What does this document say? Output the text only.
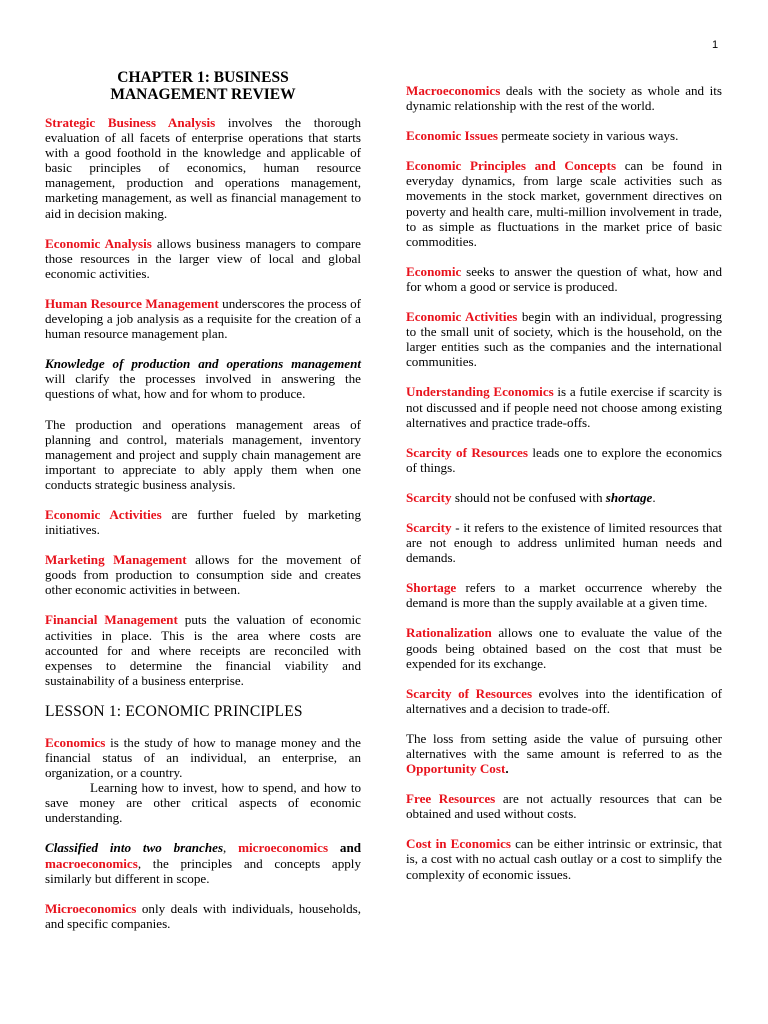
1
CHAPTER 1: BUSINESS
MANAGEMENT REVIEW

Strategic Business Analysis involves the thorough evaluation of all facets of enterprise operations that starts with a good foothold in the knowledge and applicable of basic principles of economics, human resource management, production and operations management, marketing management, as well as financial management to aid in decision making.

Economic Analysis allows business managers to compare those resources in the larger view of local and global economic activities.

Human Resource Management underscores the process of developing a job analysis as a requisite for the creation of a human resource management plan.

Knowledge of production and operations management will clarify the processes involved in answering the questions of what, how and for whom to produce.

The production and operations management areas of planning and control, materials management, inventory management and project and supply chain management are important to appreciate to ably apply them when one conducts strategic business analysis.

Economic Activities are further fueled by marketing initiatives.

Marketing Management allows for the movement of goods from production to consumption side and creates other economic activities in between.

Financial Management puts the valuation of economic activities in place. This is the area where costs are accounted for and where receipts are reconciled with expenses to determine the financial viability and sustainability of a business enterprise.

LESSON 1: ECONOMIC PRINCIPLES

Economics is the study of how to manage money and the financial status of an individual, an enterprise, an organization, or a country.

Learning how to invest, how to spend, and how to save money are other critical aspects of economic understanding.

Classified into two branches, microeconomics and macroeconomics, the principles and concepts apply similarly but different in scope.

Microeconomics only deals with individuals, households, and specific companies.

Macroeconomics deals with the society as whole and its dynamic relationship with the rest of the world.

Economic Issues permeate society in various ways.

Economic Principles and Concepts can be found in everyday dynamics, from large scale activities such as movements in the stock market, government directives on poverty and health care, multi-million involvement in trade, to as simple as fluctuations in the market price of basic commodities.

Economic seeks to answer the question of what, how and for whom a good or service is produced.

Economic Activities begin with an individual, progressing to the small unit of society, which is the household, on the larger entities such as the companies and the international communities.

Understanding Economics is a futile exercise if scarcity is not discussed and if people need not choose among existing alternatives and practice trade-offs.

Scarcity of Resources leads one to explore the economics of things.

Scarcity should not be confused with shortage.

Scarcity - it refers to the existence of limited resources that are not enough to address unlimited human needs and demands.

Shortage refers to a market occurrence whereby the demand is more than the supply available at a given time.

Rationalization allows one to evaluate the value of the goods being obtained based on the cost that must be expended for its exchange.

Scarcity of Resources evolves into the identification of alternatives and a decision to trade-off.

The loss from setting aside the value of pursuing other alternatives with the same amount is referred to as the Opportunity Cost.

Free Resources are not actually resources that can be obtained and used without costs.

Cost in Economics can be either intrinsic or extrinsic, that is, a cost with no actual cash outlay or a cost to simplify the complexity of economic issues.
